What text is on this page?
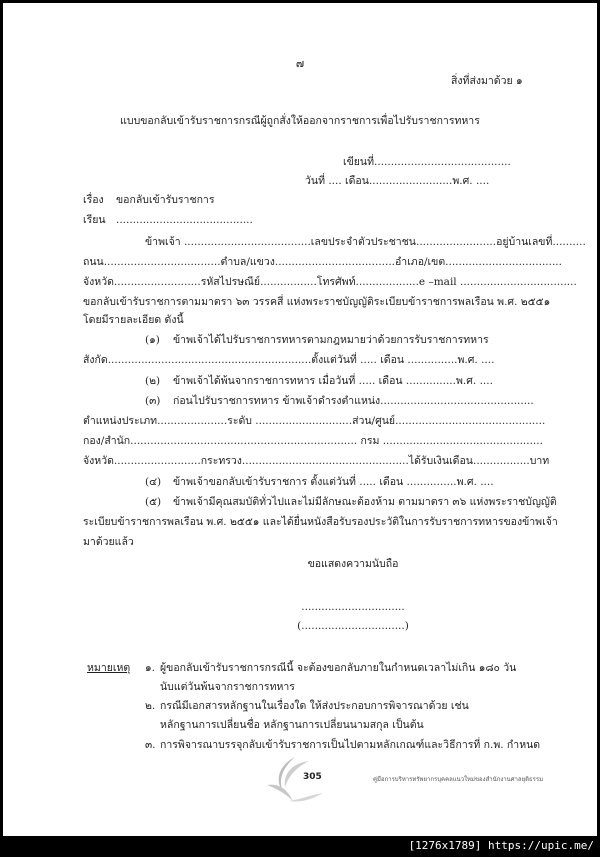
๗
สิ่งที่ส่งมาด้วย ๑
แบบขอกลับเข้ารับราชการกรณีผู้ถูกสั่งให้ออกจากราชการเพื่อไปรับราชการทหาร
เขียนที่.........................................
วันที่ .... เดือน.........................พ.ศ. ....
เรื่อง ขอกลับเข้ารับราชการ
เรียน .........................................
ข้าพเจ้า ......................................เลขประจำตัวประชาชน........................อยู่บ้านเลขที่..........
ถนน...................................ตำบล/แขวง....................................อำเภอ/เขต...................................
จังหวัด..........................รหัสไปรษณีย์.................โทรศัพท์...................e –mail ...................................
ขอกลับเข้ารับราชการตามมาตรา ๖๓ วรรคสี่ แห่งพระราชบัญญัติระเบียบข้าราชการพลเรือน พ.ศ. ๒๕๕๑
โดยมีรายละเอียด ดังนี้
(๑) ข้าพเจ้าได้ไปรับราชการทหารตามกฎหมายว่าด้วยการรับราชการทหาร
สังกัด.............................................................ตั้งแต่วันที่ ..... เดือน ...............พ.ศ. ....
(๒) ข้าพเจ้าได้พ้นจากราชการทหาร เมื่อวันที่ ..... เดือน ...............พ.ศ. ....
(๓) ก่อนไปรับราชการทหาร ข้าพเจ้าดำรงตำแหน่ง..............................................
ตำแหน่งประเภท.....................ระดับ .............................ส่วน/ศูนย์.............................................
กอง/สำนัก.................................................................... กรม ................................................
จังหวัด..........................กระทรวง..................................................ได้รับเงินเดือน.................บาท
(๔) ข้าพเจ้าขอกลับเข้ารับราชการ ตั้งแต่วันที่ ..... เดือน ...............พ.ศ. ....
(๕) ข้าพเจ้ามีคุณสมบัติทั่วไปและไม่มีลักษณะต้องห้าม ตามมาตรา ๓๖ แห่งพระราชบัญญัติ
ระเบียบข้าราชการพลเรือน พ.ศ. ๒๕๕๑ และได้ยื่นหนังสือรับรองประวัติในการรับราชการทหารของข้าพเจ้า
มาด้วยแล้ว
ขอแสดงความนับถือ
...............................
(...............................)
หมายเหตุ ๑. ผู้ขอกลับเข้ารับราชการกรณีนี้ จะต้องขอกลับภายในกำหนดเวลาไม่เกิน ๑๘๐ วัน
นับแต่วันพ้นจากราชการทหาร
๒. กรณีมีเอกสารหลักฐานในเรื่องใด ให้ส่งประกอบการพิจารณาด้วย เช่น
หลักฐานการเปลี่ยนชื่อ หลักฐานการเปลี่ยนนามสกุล เป็นต้น
๓. การพิจารณาบรรจุกลับเข้ารับราชการเป็นไปตามหลักเกณฑ์และวิธีการที่ ก.พ. กำหนด
305	คู่มือการบริหารทรัพยากรบุคคลแนวใหม่ของสำนักงานศาลยุติธรรม
[1276x1789] https://upic.me/
